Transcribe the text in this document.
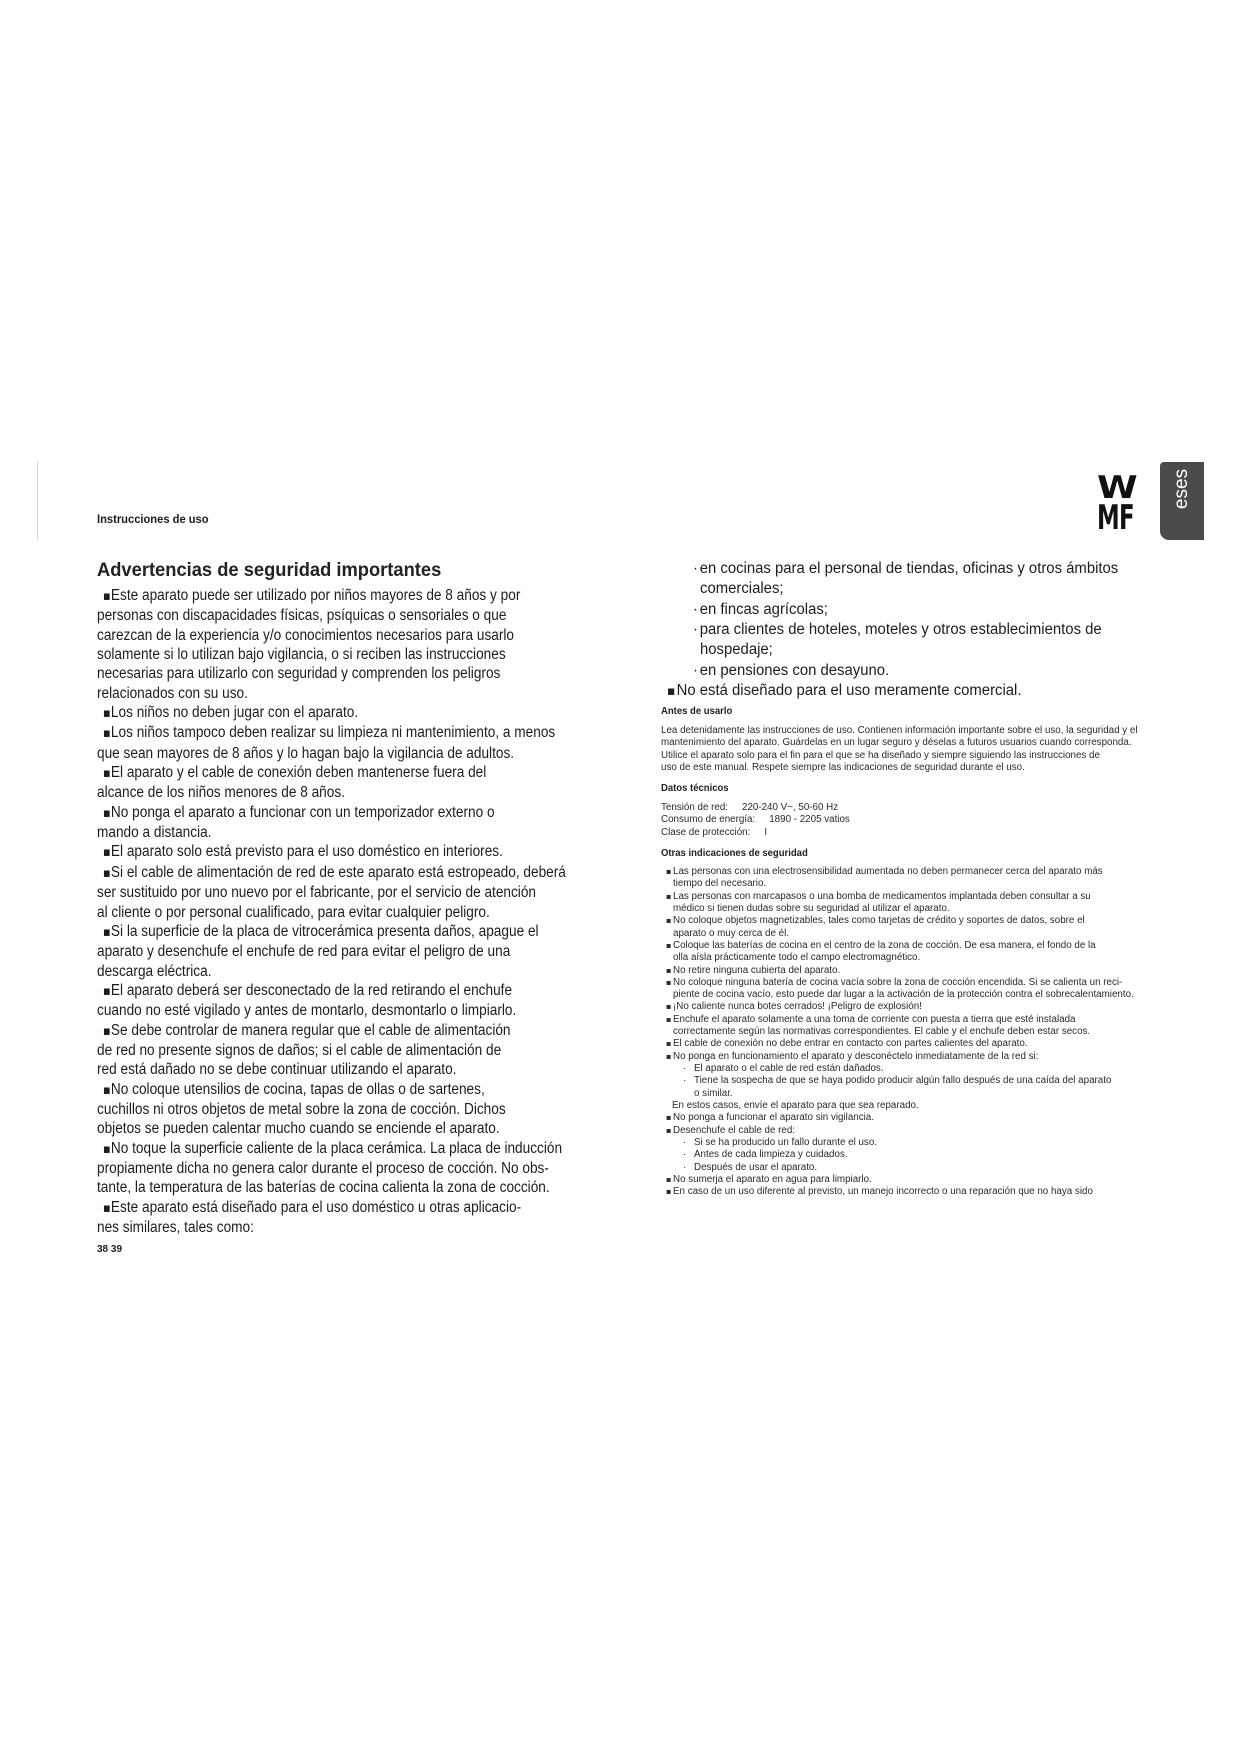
Instrucciones de uso
W
MF
eses
Advertencias de seguridad importantes
▪Este aparato puede ser utilizado por niños mayores de 8 años y por
personas con discapacidades físicas, psíquicas o sensoriales o que
carezcan de la experiencia y/o conocimientos necesarios para usarlo
solamente si lo utilizan bajo vigilancia, o si reciben las instrucciones
necesarias para utilizarlo con seguridad y comprenden los peligros
relacionados con su uso.
▪Los niños no deben jugar con el aparato.
▪Los niños tampoco deben realizar su limpieza ni mantenimiento, a menos
que sean mayores de 8 años y lo hagan bajo la vigilancia de adultos.
▪El aparato y el cable de conexión deben mantenerse fuera del
alcance de los niños menores de 8 años.
▪No ponga el aparato a funcionar con un temporizador externo o
mando a distancia.
▪El aparato solo está previsto para el uso doméstico en interiores.
▪Si el cable de alimentación de red de este aparato está estropeado, deberá
ser sustituido por uno nuevo por el fabricante, por el servicio de atención
al cliente o por personal cualificado, para evitar cualquier peligro.
▪Si la superficie de la placa de vitrocerámica presenta daños, apague el
aparato y desenchufe el enchufe de red para evitar el peligro de una
descarga eléctrica.
▪El aparato deberá ser desconectado de la red retirando el enchufe
cuando no esté vigilado y antes de montarlo, desmontarlo o limpiarlo.
▪Se debe controlar de manera regular que el cable de alimentación
de red no presente signos de daños; si el cable de alimentación de
red está dañado no se debe continuar utilizando el aparato.
▪No coloque utensilios de cocina, tapas de ollas o de sartenes,
cuchillos ni otros objetos de metal sobre la zona de cocción. Dichos
objetos se pueden calentar mucho cuando se enciende el aparato.
▪No toque la superficie caliente de la placa cerámica. La placa de inducción
propiamente dicha no genera calor durante el proceso de cocción. No obs-
tante, la temperatura de las baterías de cocina calienta la zona de cocción.
▪Este aparato está diseñado para el uso doméstico u otras aplicacio-
nes similares, tales como:
· en cocinas para el personal de tiendas, oficinas y otros ámbitos
comerciales;
· en fincas agrícolas;
· para clientes de hoteles, moteles y otros establecimientos de
hospedaje;
· en pensiones con desayuno.
▪No está diseñado para el uso meramente comercial.
Antes de usarlo
Lea detenidamente las instrucciones de uso. Contienen información importante sobre el uso, la seguridad y el
mantenimiento del aparato. Guárdelas en un lugar seguro y déselas a futuros usuarios cuando corresponda.
Utilice el aparato solo para el fin para el que se ha diseñado y siempre siguiendo las instrucciones de
uso de este manual. Respete siempre las indicaciones de seguridad durante el uso.
Datos técnicos
Tensión de red: 220-240 V~, 50-60 Hz
Consumo de energía: 1890 - 2205 vatios
Clase de protección: I
Otras indicaciones de seguridad
▪ Las personas con una electrosensibilidad aumentada no deben permanecer cerca del aparato más
tiempo del necesario.
▪ Las personas con marcapasos o una bomba de medicamentos implantada deben consultar a su
médico si tienen dudas sobre su seguridad al utilizar el aparato.
▪ No coloque objetos magnetizables, tales como tarjetas de crédito y soportes de datos, sobre el
aparato o muy cerca de él.
▪ Coloque las baterías de cocina en el centro de la zona de cocción. De esa manera, el fondo de la
olla aísla prácticamente todo el campo electromagnético.
▪ No retire ninguna cubierta del aparato.
▪ No coloque ninguna batería de cocina vacía sobre la zona de cocción encendida. Si se calienta un reci-
piente de cocina vacío, esto puede dar lugar a la activación de la protección contra el sobrecalentamiento.
▪ ¡No caliente nunca botes cerrados! ¡Peligro de explosión!
▪ Enchufe el aparato solamente a una toma de corriente con puesta a tierra que esté instalada
correctamente según las normativas correspondientes. El cable y el enchufe deben estar secos.
▪ El cable de conexión no debe entrar en contacto con partes calientes del aparato.
▪ No ponga en funcionamiento el aparato y desconéctelo inmediatamente de la red si:
· El aparato o el cable de red están dañados.
· Tiene la sospecha de que se haya podido producir algún fallo después de una caída del aparato
o similar.
En estos casos, envíe el aparato para que sea reparado.
▪ No ponga a funcionar el aparato sin vigilancia.
▪ Desenchufe el cable de red:
· Si se ha producido un fallo durante el uso.
· Antes de cada limpieza y cuidados.
· Después de usar el aparato.
▪ No sumerja el aparato en agua para limpiarlo.
▪ En caso de un uso diferente al previsto, un manejo incorrecto o una reparación que no haya sido
38 39
